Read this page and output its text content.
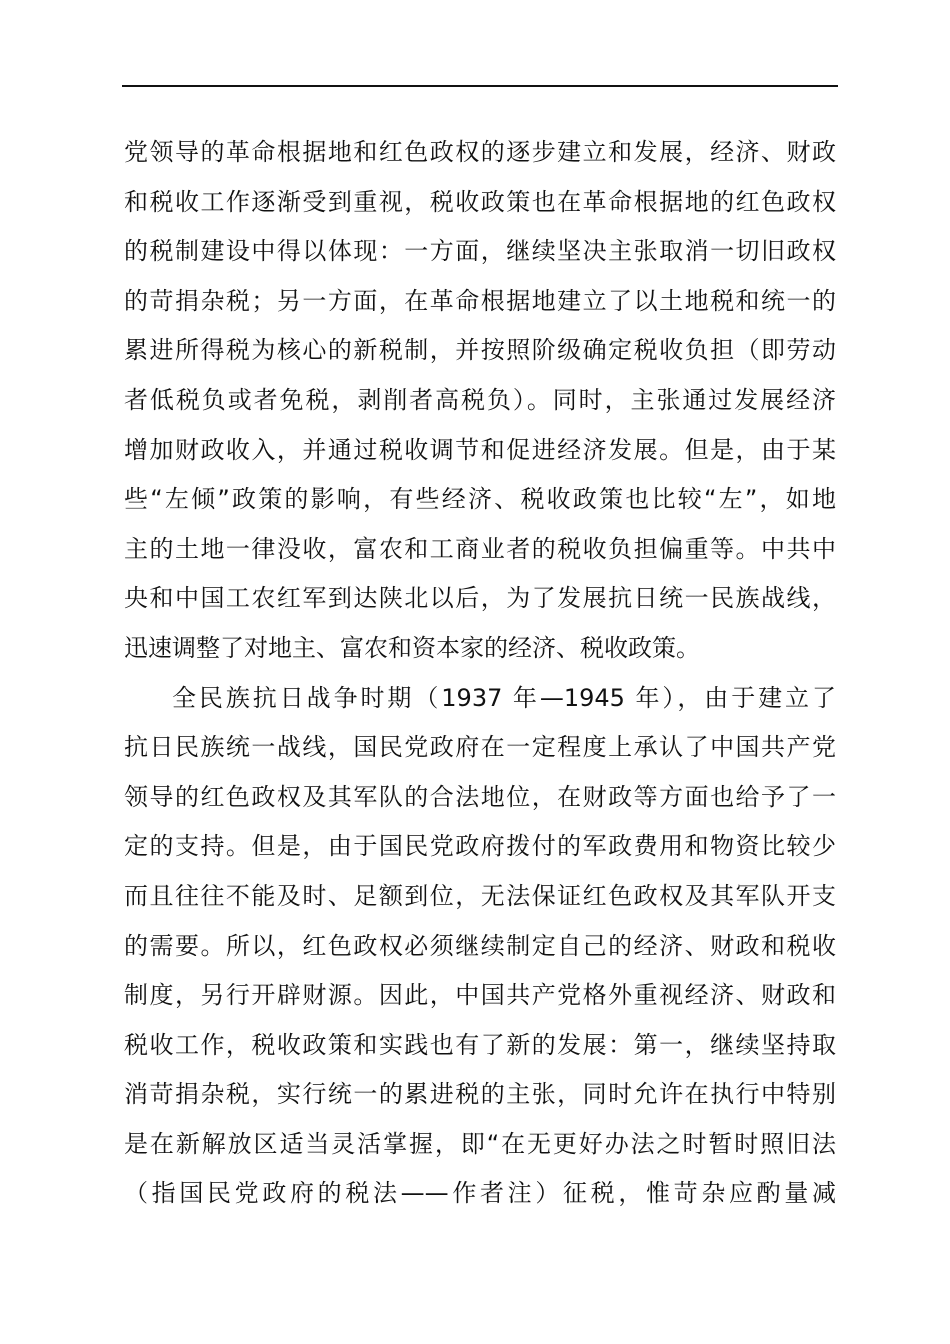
党领导的革命根据地和红色政权的逐步建立和发展，经济、财政
和税收工作逐渐受到重视，税收政策也在革命根据地的红色政权
的税制建设中得以体现：一方面，继续坚决主张取消一切旧政权
的苛捐杂税；另一方面，在革命根据地建立了以土地税和统一的
累进所得税为核心的新税制，并按照阶级确定税收负担（即劳动
者低税负或者免税，剥削者高税负）。同时，主张通过发展经济
增加财政收入，并通过税收调节和促进经济发展。但是，由于某
些“左倾”政策的影响，有些经济、税收政策也比较“左”，如地
主的土地一律没收，富农和工商业者的税收负担偏重等。中共中
央和中国工农红军到达陕北以后，为了发展抗日统一民族战线，
迅速调整了对地主、富农和资本家的经济、税收政策。
全民族抗日战争时期（1937 年—1945 年），由于建立了
抗日民族统一战线，国民党政府在一定程度上承认了中国共产党
领导的红色政权及其军队的合法地位，在财政等方面也给予了一
定的支持。但是，由于国民党政府拨付的军政费用和物资比较少
而且往往不能及时、足额到位，无法保证红色政权及其军队开支
的需要。所以，红色政权必须继续制定自己的经济、财政和税收
制度，另行开辟财源。因此，中国共产党格外重视经济、财政和
税收工作，税收政策和实践也有了新的发展：第一，继续坚持取
消苛捐杂税，实行统一的累进税的主张，同时允许在执行中特别
是在新解放区适当灵活掌握，即“在无更好办法之时暂时照旧法
（指国民党政府的税法——作者注）征税，惟苛杂应酌量减
